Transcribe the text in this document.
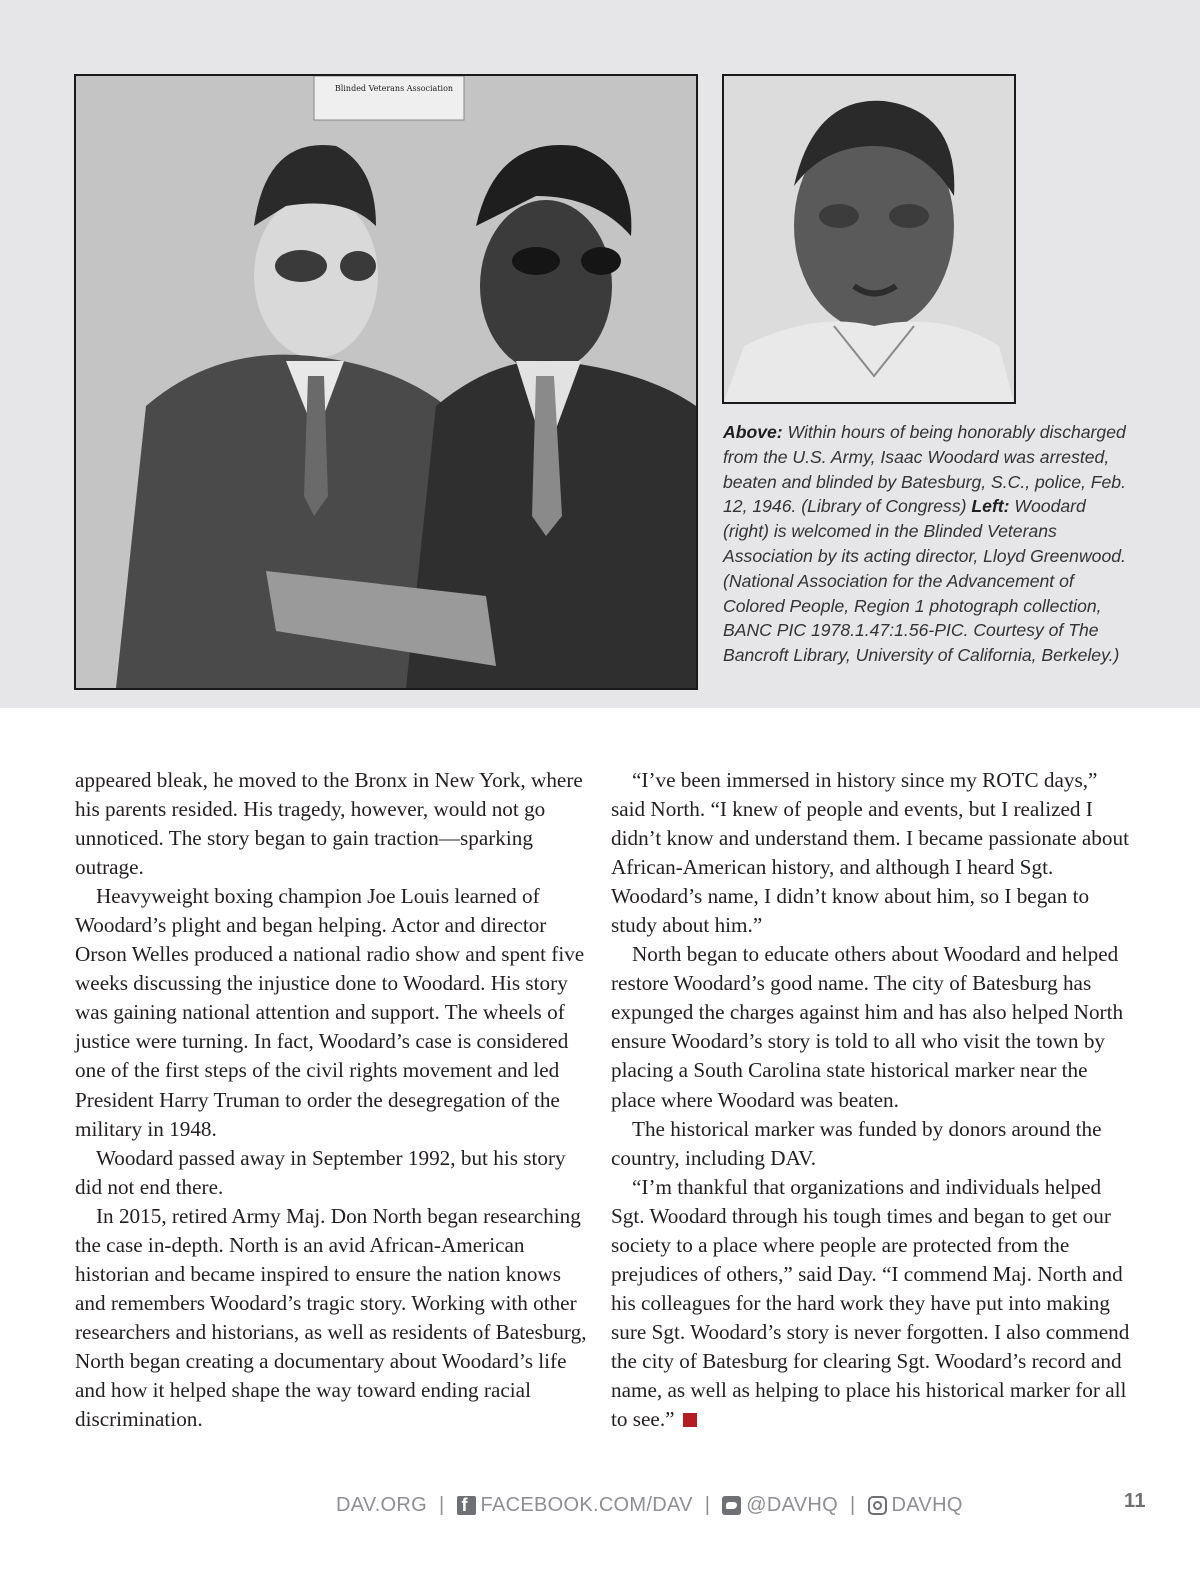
Blinded Veterans Association
Above: Within hours of being honorably discharged from the U.S. Army, Isaac Woodard was arrested, beaten and blinded by Batesburg, S.C., police, Feb. 12, 1946. (Library of Congress) Left: Woodard (right) is welcomed in the Blinded Veterans Association by its acting director, Lloyd Greenwood. (National Association for the Advancement of Colored People, Region 1 photograph collection, BANC PIC 1978.1.47:1.56-PIC. Courtesy of The Bancroft Library, University of California, Berkeley.)

appeared bleak, he moved to the Bronx in New York, where his parents resided. His tragedy, however, would not go unnoticed. The story began to gain traction—sparking outrage.

Heavyweight boxing champion Joe Louis learned of Woodard’s plight and began helping. Actor and director Orson Welles produced a national radio show and spent five weeks discussing the injustice done to Woodard. His story was gaining national attention and support. The wheels of justice were turning. In fact, Woodard’s case is considered one of the first steps of the civil rights movement and led President Harry Truman to order the desegregation of the military in 1948.

Woodard passed away in September 1992, but his story did not end there.

In 2015, retired Army Maj. Don North began researching the case in-depth. North is an avid African-American historian and became inspired to ensure the nation knows and remembers Woodard’s tragic story. Working with other researchers and historians, as well as residents of Batesburg, North began creating a documentary about Woodard’s life and how it helped shape the way toward ending racial discrimination.

“I’ve been immersed in history since my ROTC days,” said North. “I knew of people and events, but I realized I didn’t know and understand them. I became passionate about African-American history, and although I heard Sgt. Woodard’s name, I didn’t know about him, so I began to study about him.”

North began to educate others about Woodard and helped restore Woodard’s good name. The city of Batesburg has expunged the charges against him and has also helped North ensure Woodard’s story is told to all who visit the town by placing a South Carolina state historical marker near the place where Woodard was beaten.

The historical marker was funded by donors around the country, including DAV.

“I’m thankful that organizations and individuals helped Sgt. Woodard through his tough times and began to get our society to a place where people are protected from the prejudices of others,” said Day. “I commend Maj. North and his colleagues for the hard work they have put into making sure Sgt. Woodard’s story is never forgotten. I also commend the city of Batesburg for clearing Sgt. Woodard’s record and name, as well as helping to place his historical marker for all to see.”

DAV.ORG |
f	FACEBOOK.COM/DAV |	@DAVHQ |	DAVHQ	11
